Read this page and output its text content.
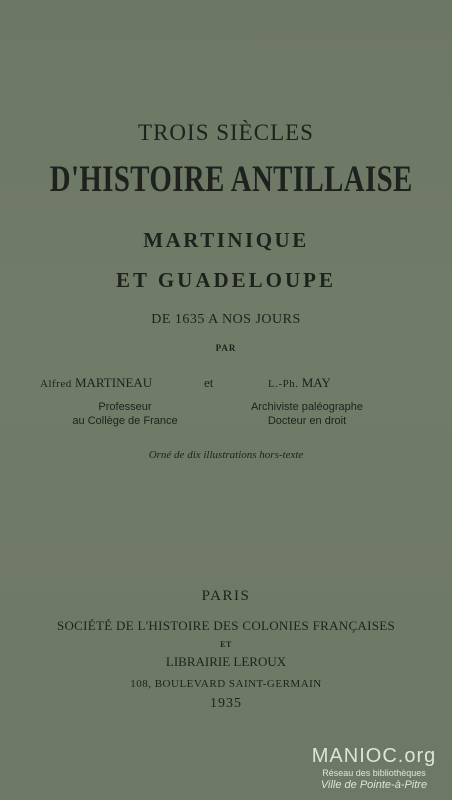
TROIS SIÈCLES
D'HISTOIRE ANTILLAISE
MARTINIQUE
ET GUADELOUPE
DE 1635 A NOS JOURS
PAR
Alfred MARTINEAU	et	L.-Ph. MAY
Professeur
au Collège de France
Archiviste paléographe
Docteur en droit
Orné de dix illustrations hors-texte
PARIS
SOCIÉTÉ DE L'HISTOIRE DES COLONIES FRANÇAISES
ET
LIBRAIRIE LEROUX
108, BOULEVARD SAINT-GERMAIN
1935
MANIOC.org
Réseau des bibliothèques
Ville de Pointe-à-Pitre
